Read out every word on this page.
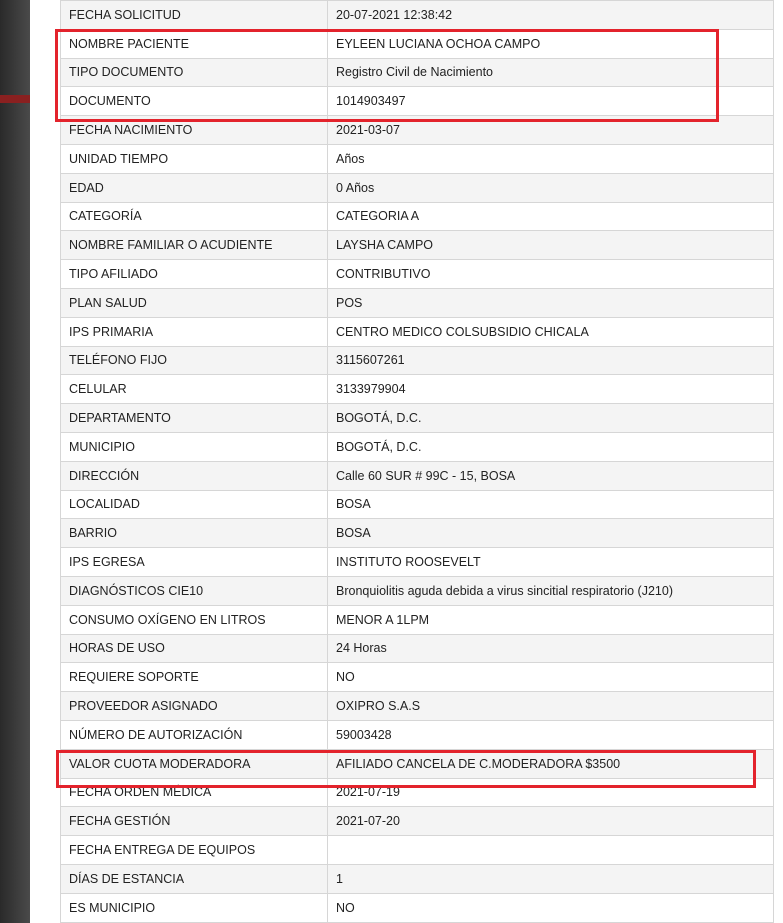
FECHA SOLICITUD	20-07-2021 12:38:42
NOMBRE PACIENTE	EYLEEN LUCIANA OCHOA CAMPO
TIPO DOCUMENTO	Registro Civil de Nacimiento
DOCUMENTO	1014903497
FECHA NACIMIENTO	2021-03-07
UNIDAD TIEMPO	Años
EDAD	0 Años
CATEGORÍA	CATEGORIA A
NOMBRE FAMILIAR O ACUDIENTE	LAYSHA CAMPO
TIPO AFILIADO	CONTRIBUTIVO
PLAN SALUD	POS
IPS PRIMARIA	CENTRO MEDICO COLSUBSIDIO CHICALA
TELÉFONO FIJO	3115607261
CELULAR	3133979904
DEPARTAMENTO	BOGOTÁ, D.C.
MUNICIPIO	BOGOTÁ, D.C.
DIRECCIÓN	Calle 60 SUR # 99C - 15, BOSA
LOCALIDAD	BOSA
BARRIO	BOSA
IPS EGRESA	INSTITUTO ROOSEVELT
DIAGNÓSTICOS CIE10	Bronquiolitis aguda debida a virus sincitial respiratorio (J210)
CONSUMO OXÍGENO EN LITROS	MENOR A 1LPM
HORAS DE USO	24 Horas
REQUIERE SOPORTE	NO
PROVEEDOR ASIGNADO	OXIPRO S.A.S
NÚMERO DE AUTORIZACIÓN	59003428
VALOR CUOTA MODERADORA	AFILIADO CANCELA DE C.MODERADORA $3500
FECHA ORDEN MÉDICA	2021-07-19
FECHA GESTIÓN	2021-07-20
FECHA ENTREGA DE EQUIPOS	
DÍAS DE ESTANCIA	1
ES MUNICIPIO	NO
